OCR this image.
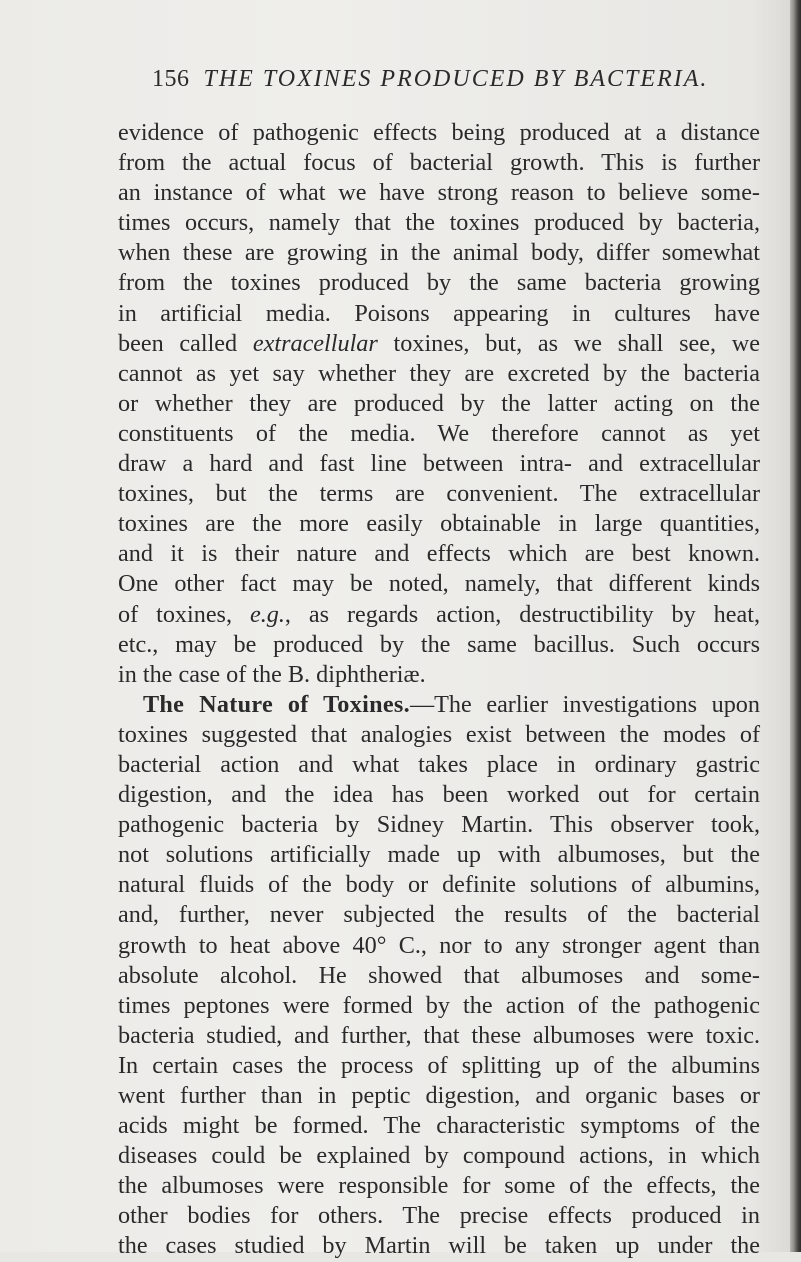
156 THE TOXINES PRODUCED BY BACTERIA.
evidence of pathogenic effects being produced at a distance
from the actual focus of bacterial growth. This is further
an instance of what we have strong reason to believe some-
times occurs, namely that the toxines produced by bacteria,
when these are growing in the animal body, differ somewhat
from the toxines produced by the same bacteria growing
in artificial media. Poisons appearing in cultures have
been called extracellular toxines, but, as we shall see, we
cannot as yet say whether they are excreted by the bacteria
or whether they are produced by the latter acting on the
constituents of the media. We therefore cannot as yet
draw a hard and fast line between intra- and extracellular
toxines, but the terms are convenient. The extracellular
toxines are the more easily obtainable in large quantities,
and it is their nature and effects which are best known.
One other fact may be noted, namely, that different kinds
of toxines, e.g., as regards action, destructibility by heat,
etc., may be produced by the same bacillus. Such occurs
in the case of the B. diphtheriæ.
The Nature of Toxines.—The earlier investigations upon
toxines suggested that analogies exist between the modes of
bacterial action and what takes place in ordinary gastric
digestion, and the idea has been worked out for certain
pathogenic bacteria by Sidney Martin. This observer took,
not solutions artificially made up with albumoses, but the
natural fluids of the body or definite solutions of albumins,
and, further, never subjected the results of the bacterial
growth to heat above 40° C., nor to any stronger agent than
absolute alcohol. He showed that albumoses and some-
times peptones were formed by the action of the pathogenic
bacteria studied, and further, that these albumoses were toxic.
In certain cases the process of splitting up of the albumins
went further than in peptic digestion, and organic bases or
acids might be formed. The characteristic symptoms of the
diseases could be explained by compound actions, in which
the albumoses were responsible for some of the effects, the
other bodies for others. The precise effects produced in
the cases studied by Martin will be taken up under the
